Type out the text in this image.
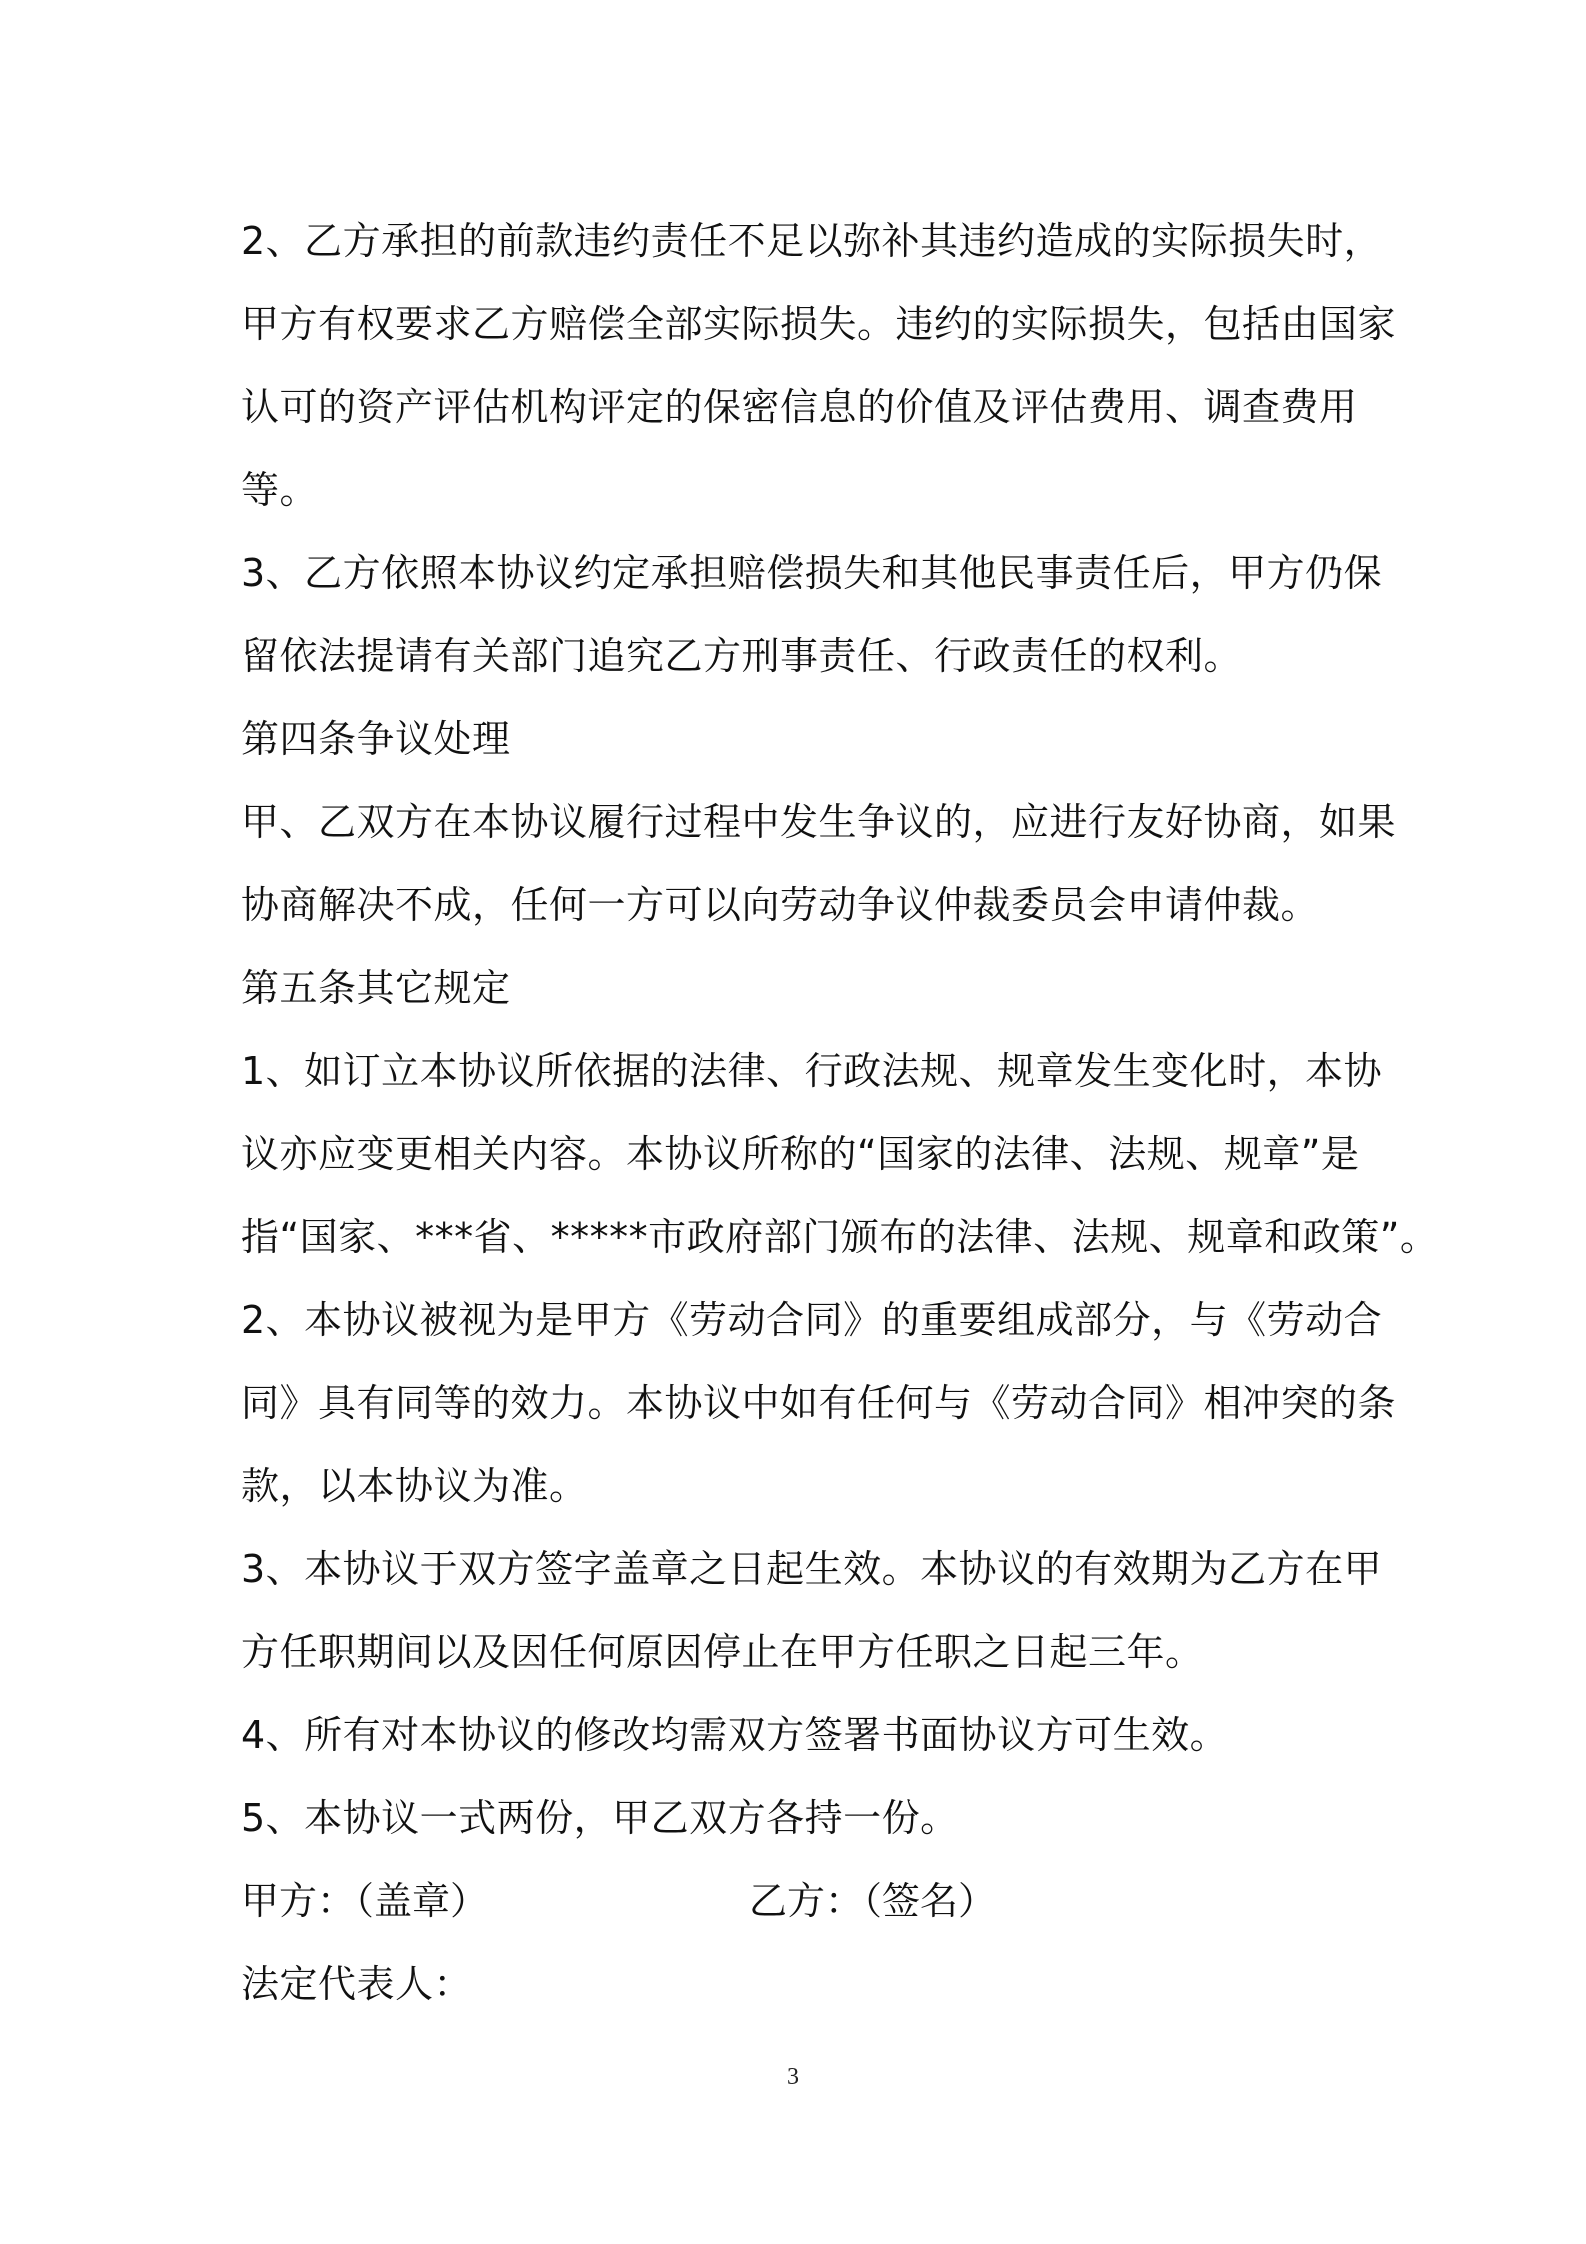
2、乙方承担的前款违约责任不足以弥补其违约造成的实际损失时，
甲方有权要求乙方赔偿全部实际损失。违约的实际损失，包括由国家
认可的资产评估机构评定的保密信息的价值及评估费用、调查费用
等。
3、乙方依照本协议约定承担赔偿损失和其他民事责任后，甲方仍保
留依法提请有关部门追究乙方刑事责任、行政责任的权利。
第四条争议处理
甲、乙双方在本协议履行过程中发生争议的，应进行友好协商，如果
协商解决不成，任何一方可以向劳动争议仲裁委员会申请仲裁。
第五条其它规定
1、如订立本协议所依据的法律、行政法规、规章发生变化时，本协
议亦应变更相关内容。本协议所称的“国家的法律、法规、规章”是
指“国家、***省、*****市政府部门颁布的法律、法规、规章和政策”。
2、本协议被视为是甲方《劳动合同》的重要组成部分，与《劳动合
同》具有同等的效力。本协议中如有任何与《劳动合同》相冲突的条
款，以本协议为准。
3、本协议于双方签字盖章之日起生效。本协议的有效期为乙方在甲
方任职期间以及因任何原因停止在甲方任职之日起三年。
4、所有对本协议的修改均需双方签署书面协议方可生效。
5、本协议一式两份，甲乙双方各持一份。
甲方：（盖章）	乙方：（签名）
法定代表人：
3
